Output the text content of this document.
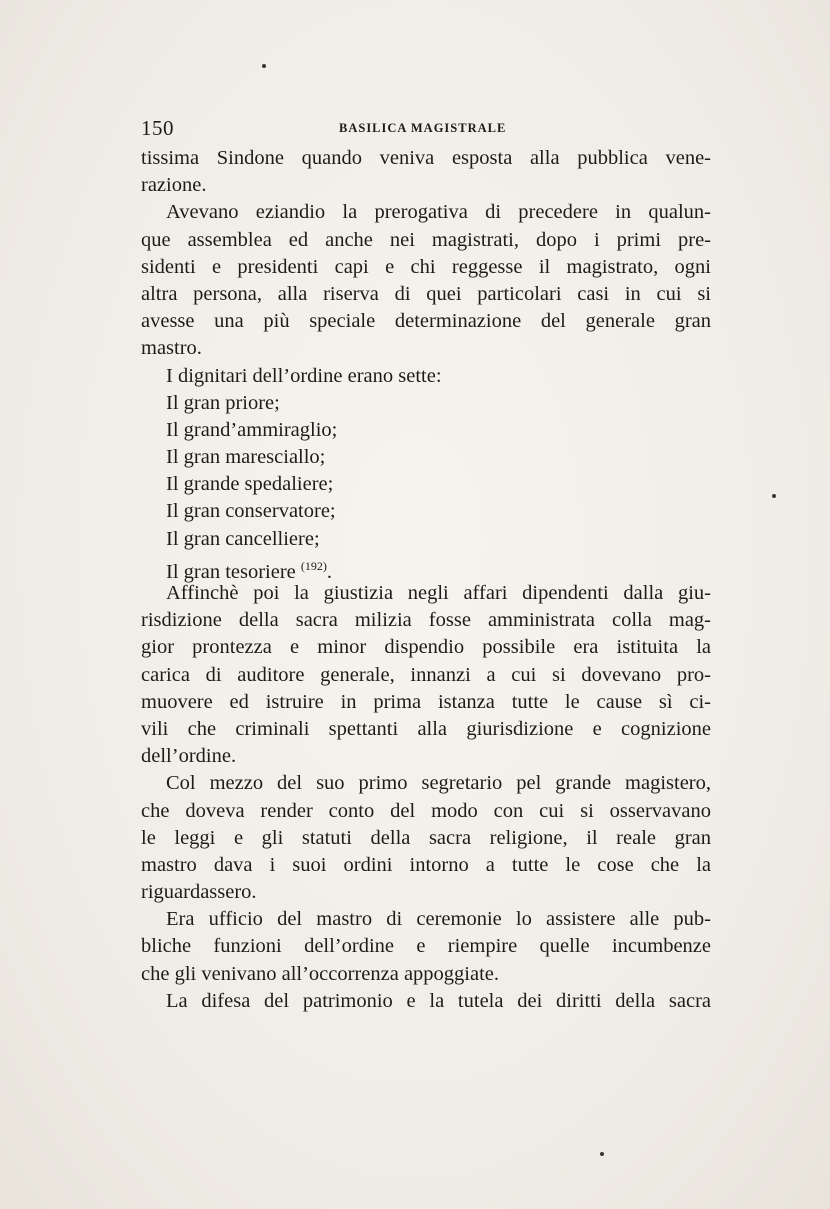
150	BASILICA MAGISTRALE
tissima Sindone quando veniva esposta alla pubblica vene-
razione.
Avevano eziandio la prerogativa di precedere in qualun-
que assemblea ed anche nei magistrati, dopo i primi pre-
sidenti e presidenti capi e chi reggesse il magistrato, ogni
altra persona, alla riserva di quei particolari casi in cui si
avesse una più speciale determinazione del generale gran
mastro.
I dignitari dell’ordine erano sette:
Il gran priore;
Il grand’ammiraglio;
Il gran maresciallo;
Il grande spedaliere;
Il gran conservatore;
Il gran cancelliere;
Il gran tesoriere $^{(192)}$.
Affinchè poi la giustizia negli affari dipendenti dalla giu-
risdizione della sacra milizia fosse amministrata colla mag-
gior prontezza e minor dispendio possibile era istituita la
carica di auditore generale, innanzi a cui si dovevano pro-
muovere ed istruire in prima istanza tutte le cause sì ci-
vili che criminali spettanti alla giurisdizione e cognizione
dell’ordine.
Col mezzo del suo primo segretario pel grande magistero,
che doveva render conto del modo con cui si osservavano
le leggi e gli statuti della sacra religione, il reale gran
mastro dava i suoi ordini intorno a tutte le cose che la
riguardassero.
Era ufficio del mastro di ceremonie lo assistere alle pub-
bliche funzioni dell’ordine e riempire quelle incumbenze
che gli venivano all’occorrenza appoggiate.
La difesa del patrimonio e la tutela dei diritti della sacra
